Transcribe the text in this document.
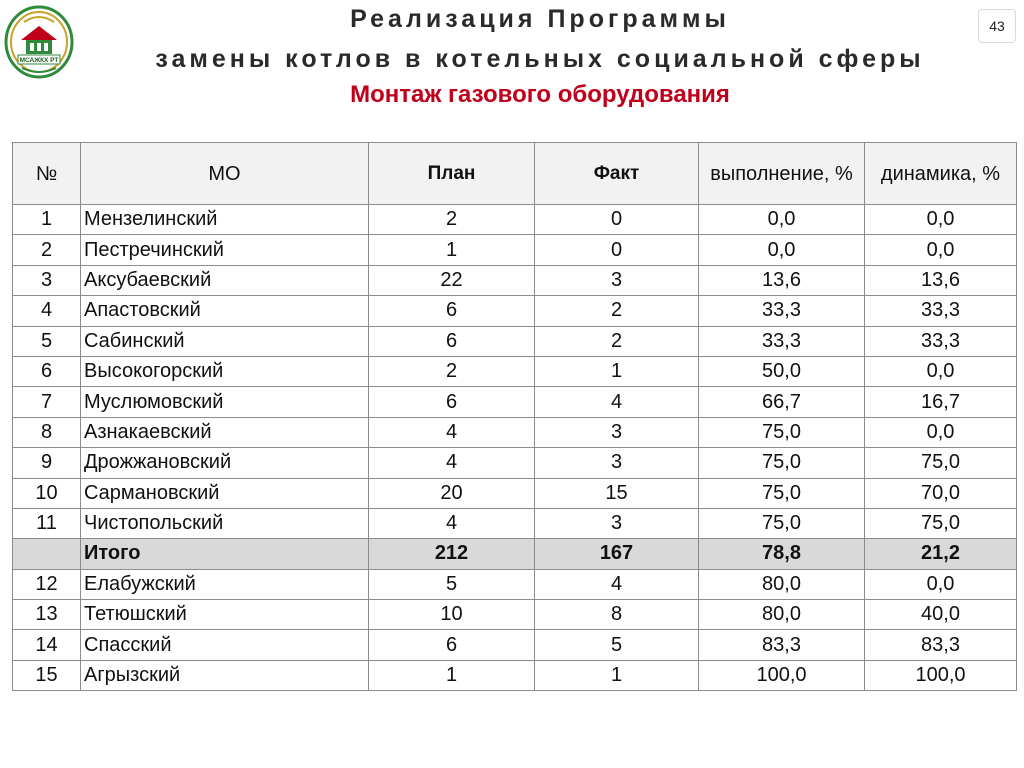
МСАЖКХ РТ
Реализация Программы
замены котлов в котельных социальной сферы
Монтаж газового оборудования
43
№	МО	План	Факт	выполнение, %	динамика, %
1	Мензелинский	2	0	0,0	0,0
2	Пестречинский	1	0	0,0	0,0
3	Аксубаевский	22	3	13,6	13,6
4	Апастовский	6	2	33,3	33,3
5	Сабинский	6	2	33,3	33,3
6	Высокогорский	2	1	50,0	0,0
7	Муслюмовский	6	4	66,7	16,7
8	Азнакаевский	4	3	75,0	0,0
9	Дрожжановский	4	3	75,0	75,0
10	Сармановский	20	15	75,0	70,0
11	Чистопольский	4	3	75,0	75,0
	Итого	212	167	78,8	21,2
12	Елабужский	5	4	80,0	0,0
13	Тетюшский	10	8	80,0	40,0
14	Спасский	6	5	83,3	83,3
15	Агрызский	1	1	100,0	100,0
